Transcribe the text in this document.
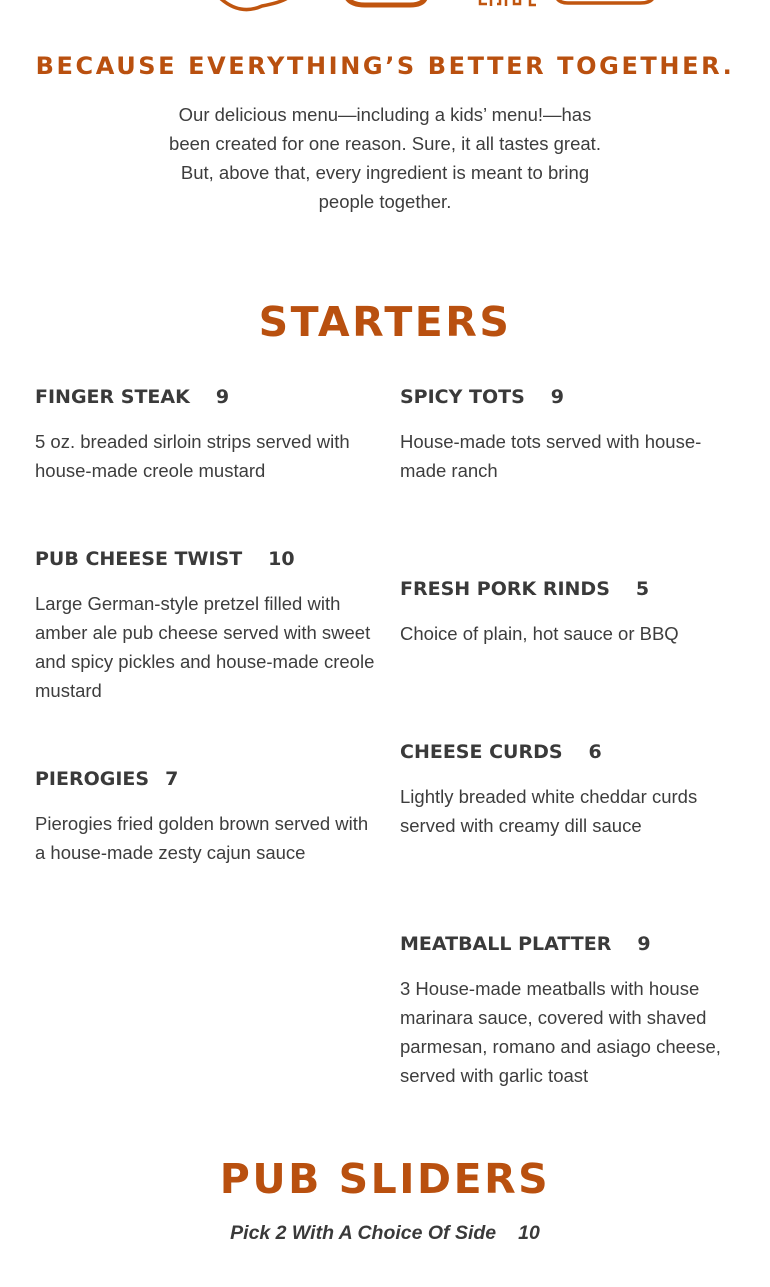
BECAUSE EVERYTHING’S BETTER TOGETHER.

Our delicious menu—including a kids’ menu!—has been created for one reason. Sure, it all tastes great. But, above that, every ingredient is meant to bring people together.

STARTERS

FINGER STEAK 9

5 oz. breaded sirloin strips served with house-made creole mustard

PUB CHEESE TWIST 10

Large German-style pretzel filled with amber ale pub cheese served with sweet and spicy pickles and house-made creole mustard

PIEROGIES 7

Pierogies fried golden brown served with a house-made zesty cajun sauce

SPICY TOTS 9

House-made tots served with house-made ranch

FRESH PORK RINDS 5

Choice of plain, hot sauce or BBQ

CHEESE CURDS 6

Lightly breaded white cheddar curds served with creamy dill sauce

MEATBALL PLATTER 9

3 House-made meatballs with house marinara sauce, covered with shaved parmesan, romano and asiago cheese, served with garlic toast

PUB SLIDERS

Pick 2 With A Choice Of Side 10
